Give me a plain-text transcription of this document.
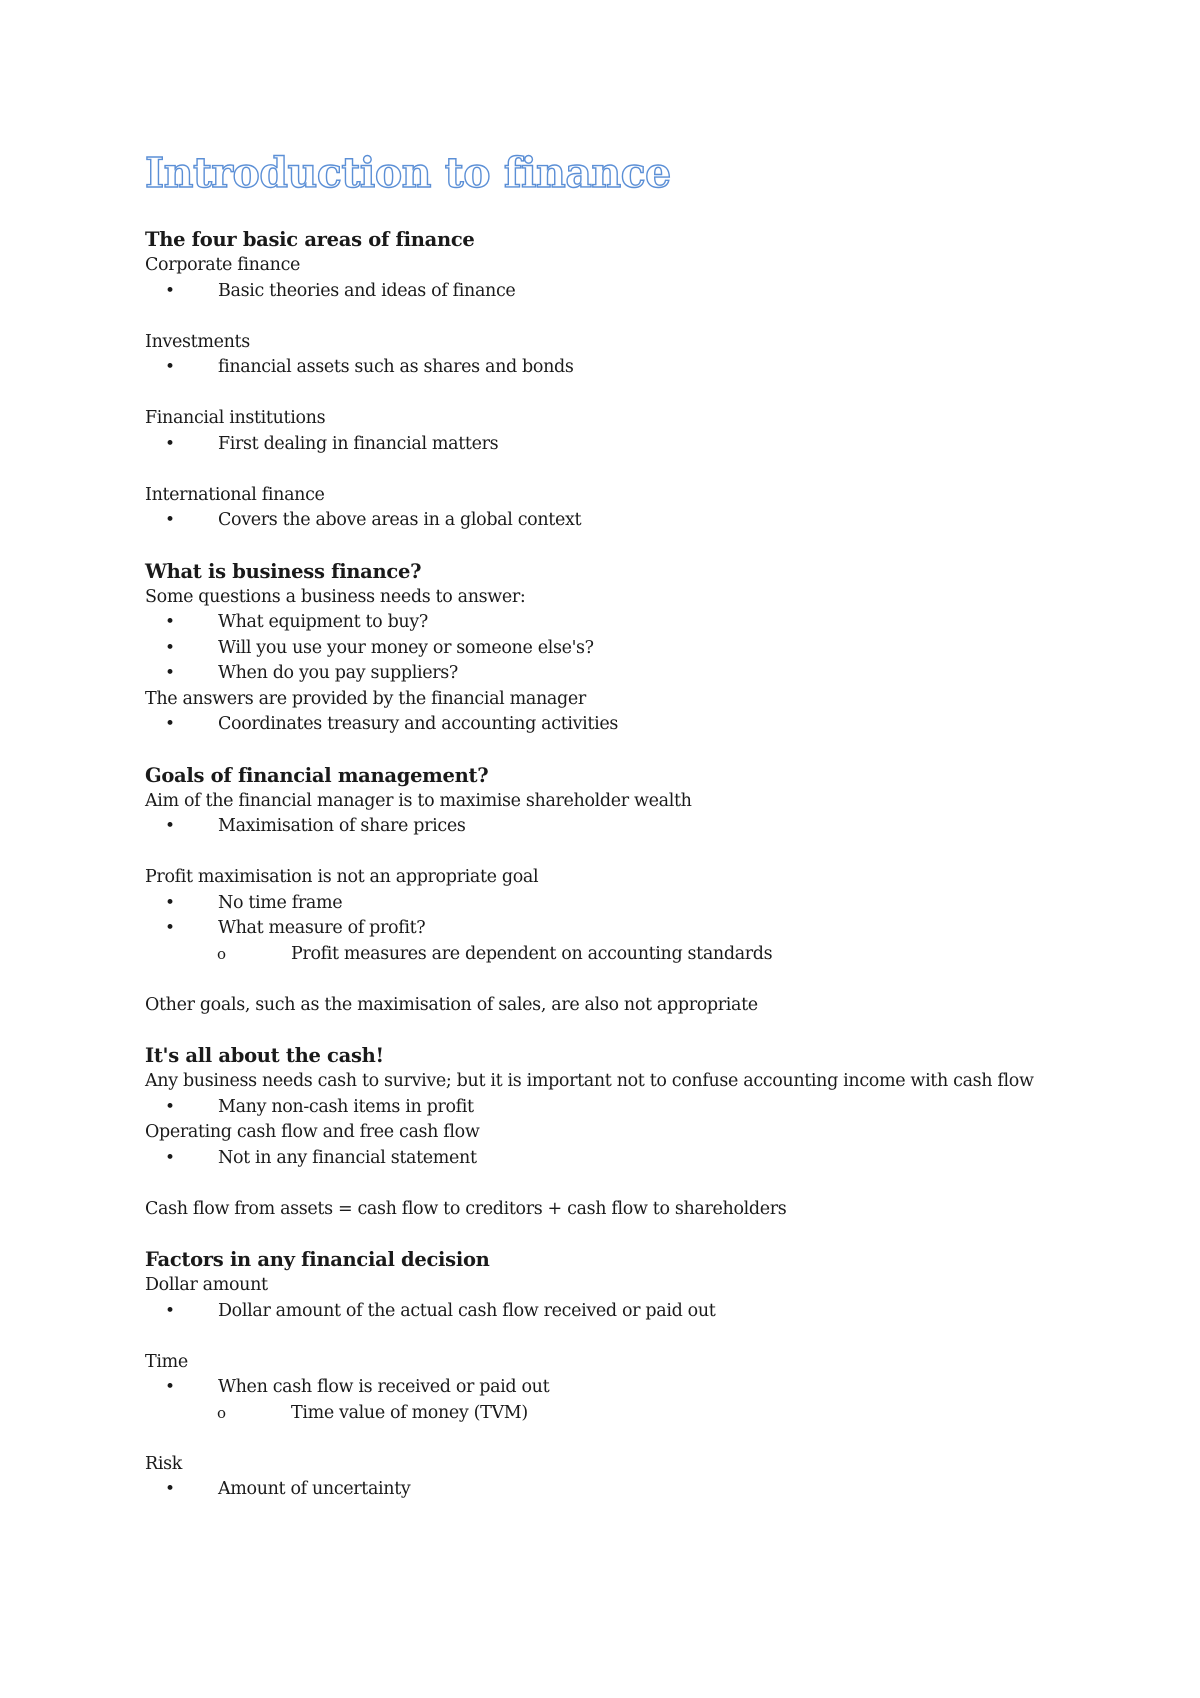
Introduction to finance
The four basic areas of finance
Corporate finance
• Basic theories and ideas of finance
Investments
• financial assets such as shares and bonds
Financial institutions
• First dealing in financial matters
International finance
• Covers the above areas in a global context
What is business finance?
Some questions a business needs to answer:
• What equipment to buy?
• Will you use your money or someone else's?
• When do you pay suppliers?
The answers are provided by the financial manager
• Coordinates treasury and accounting activities
Goals of financial management?
Aim of the financial manager is to maximise shareholder wealth
• Maximisation of share prices
Profit maximisation is not an appropriate goal
• No time frame
• What measure of profit?
o	Profit measures are dependent on accounting standards
Other goals, such as the maximisation of sales, are also not appropriate
It's all about the cash!
Any business needs cash to survive; but it is important not to confuse accounting income with cash flow
• Many non-cash items in profit
Operating cash flow and free cash flow
• Not in any financial statement
Cash flow from assets = cash flow to creditors + cash flow to shareholders
Factors in any financial decision
Dollar amount
• Dollar amount of the actual cash flow received or paid out
Time
• When cash flow is received or paid out
o	Time value of money (TVM)
Risk
• Amount of uncertainty
